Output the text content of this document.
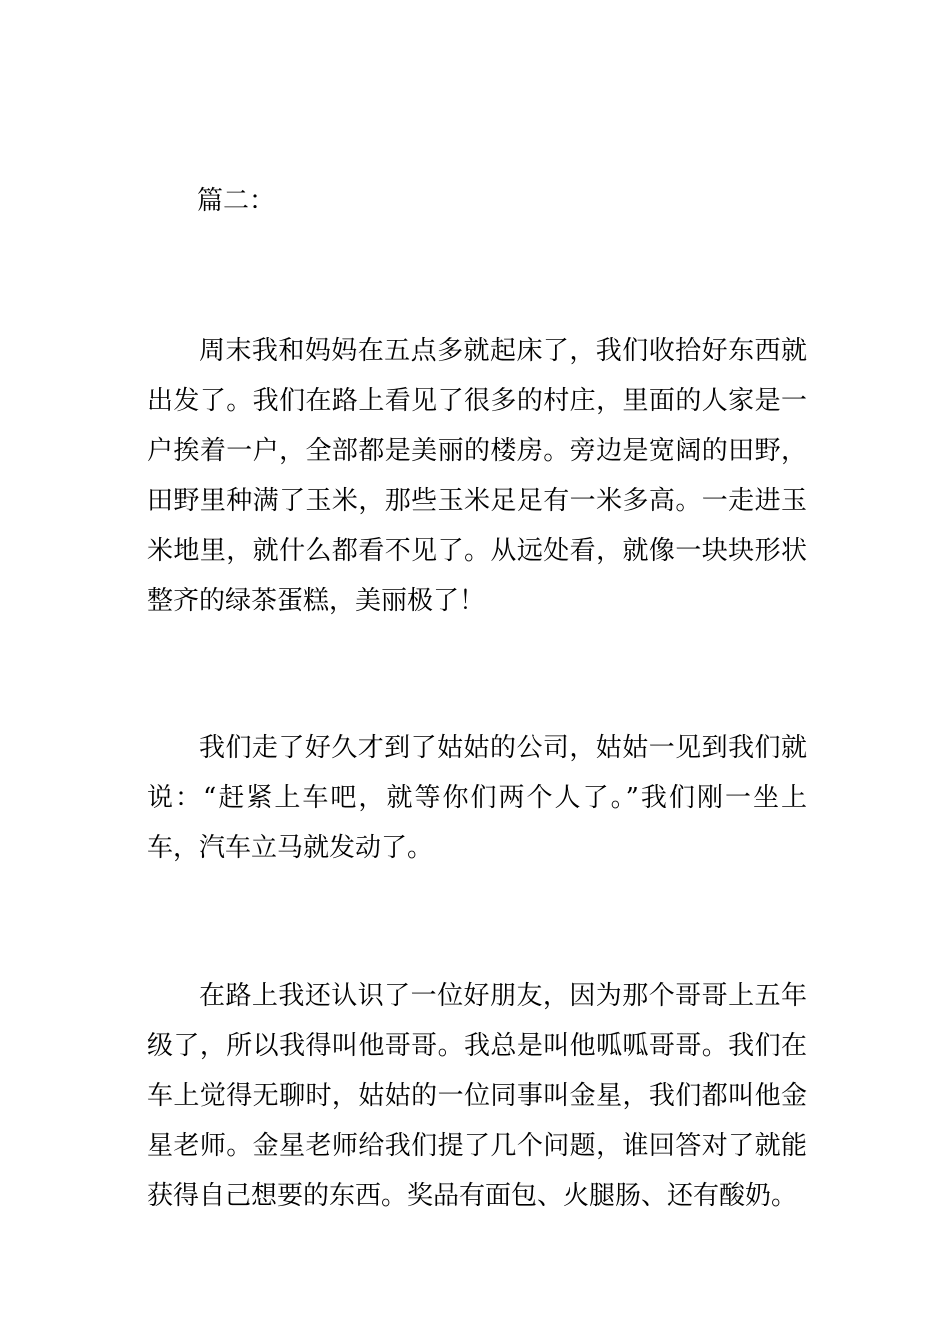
篇二：

周末我和妈妈在五点多就起床了，我们收拾好东西就出发了。我们在路上看见了很多的村庄，里面的人家是一户挨着一户，全部都是美丽的楼房。旁边是宽阔的田野，田野里种满了玉米，那些玉米足足有一米多高。一走进玉米地里，就什么都看不见了。从远处看，就像一块块形状整齐的绿茶蛋糕，美丽极了！

我们走了好久才到了姑姑的公司，姑姑一见到我们就说：“赶紧上车吧，就等你们两个人了。”我们刚一坐上车，汽车立马就发动了。

在路上我还认识了一位好朋友，因为那个哥哥上五年级了，所以我得叫他哥哥。我总是叫他呱呱哥哥。我们在车上觉得无聊时，姑姑的一位同事叫金星，我们都叫他金星老师。金星老师给我们提了几个问题，谁回答对了就能获得自己想要的东西。奖品有面包、火腿肠、还有酸奶。
